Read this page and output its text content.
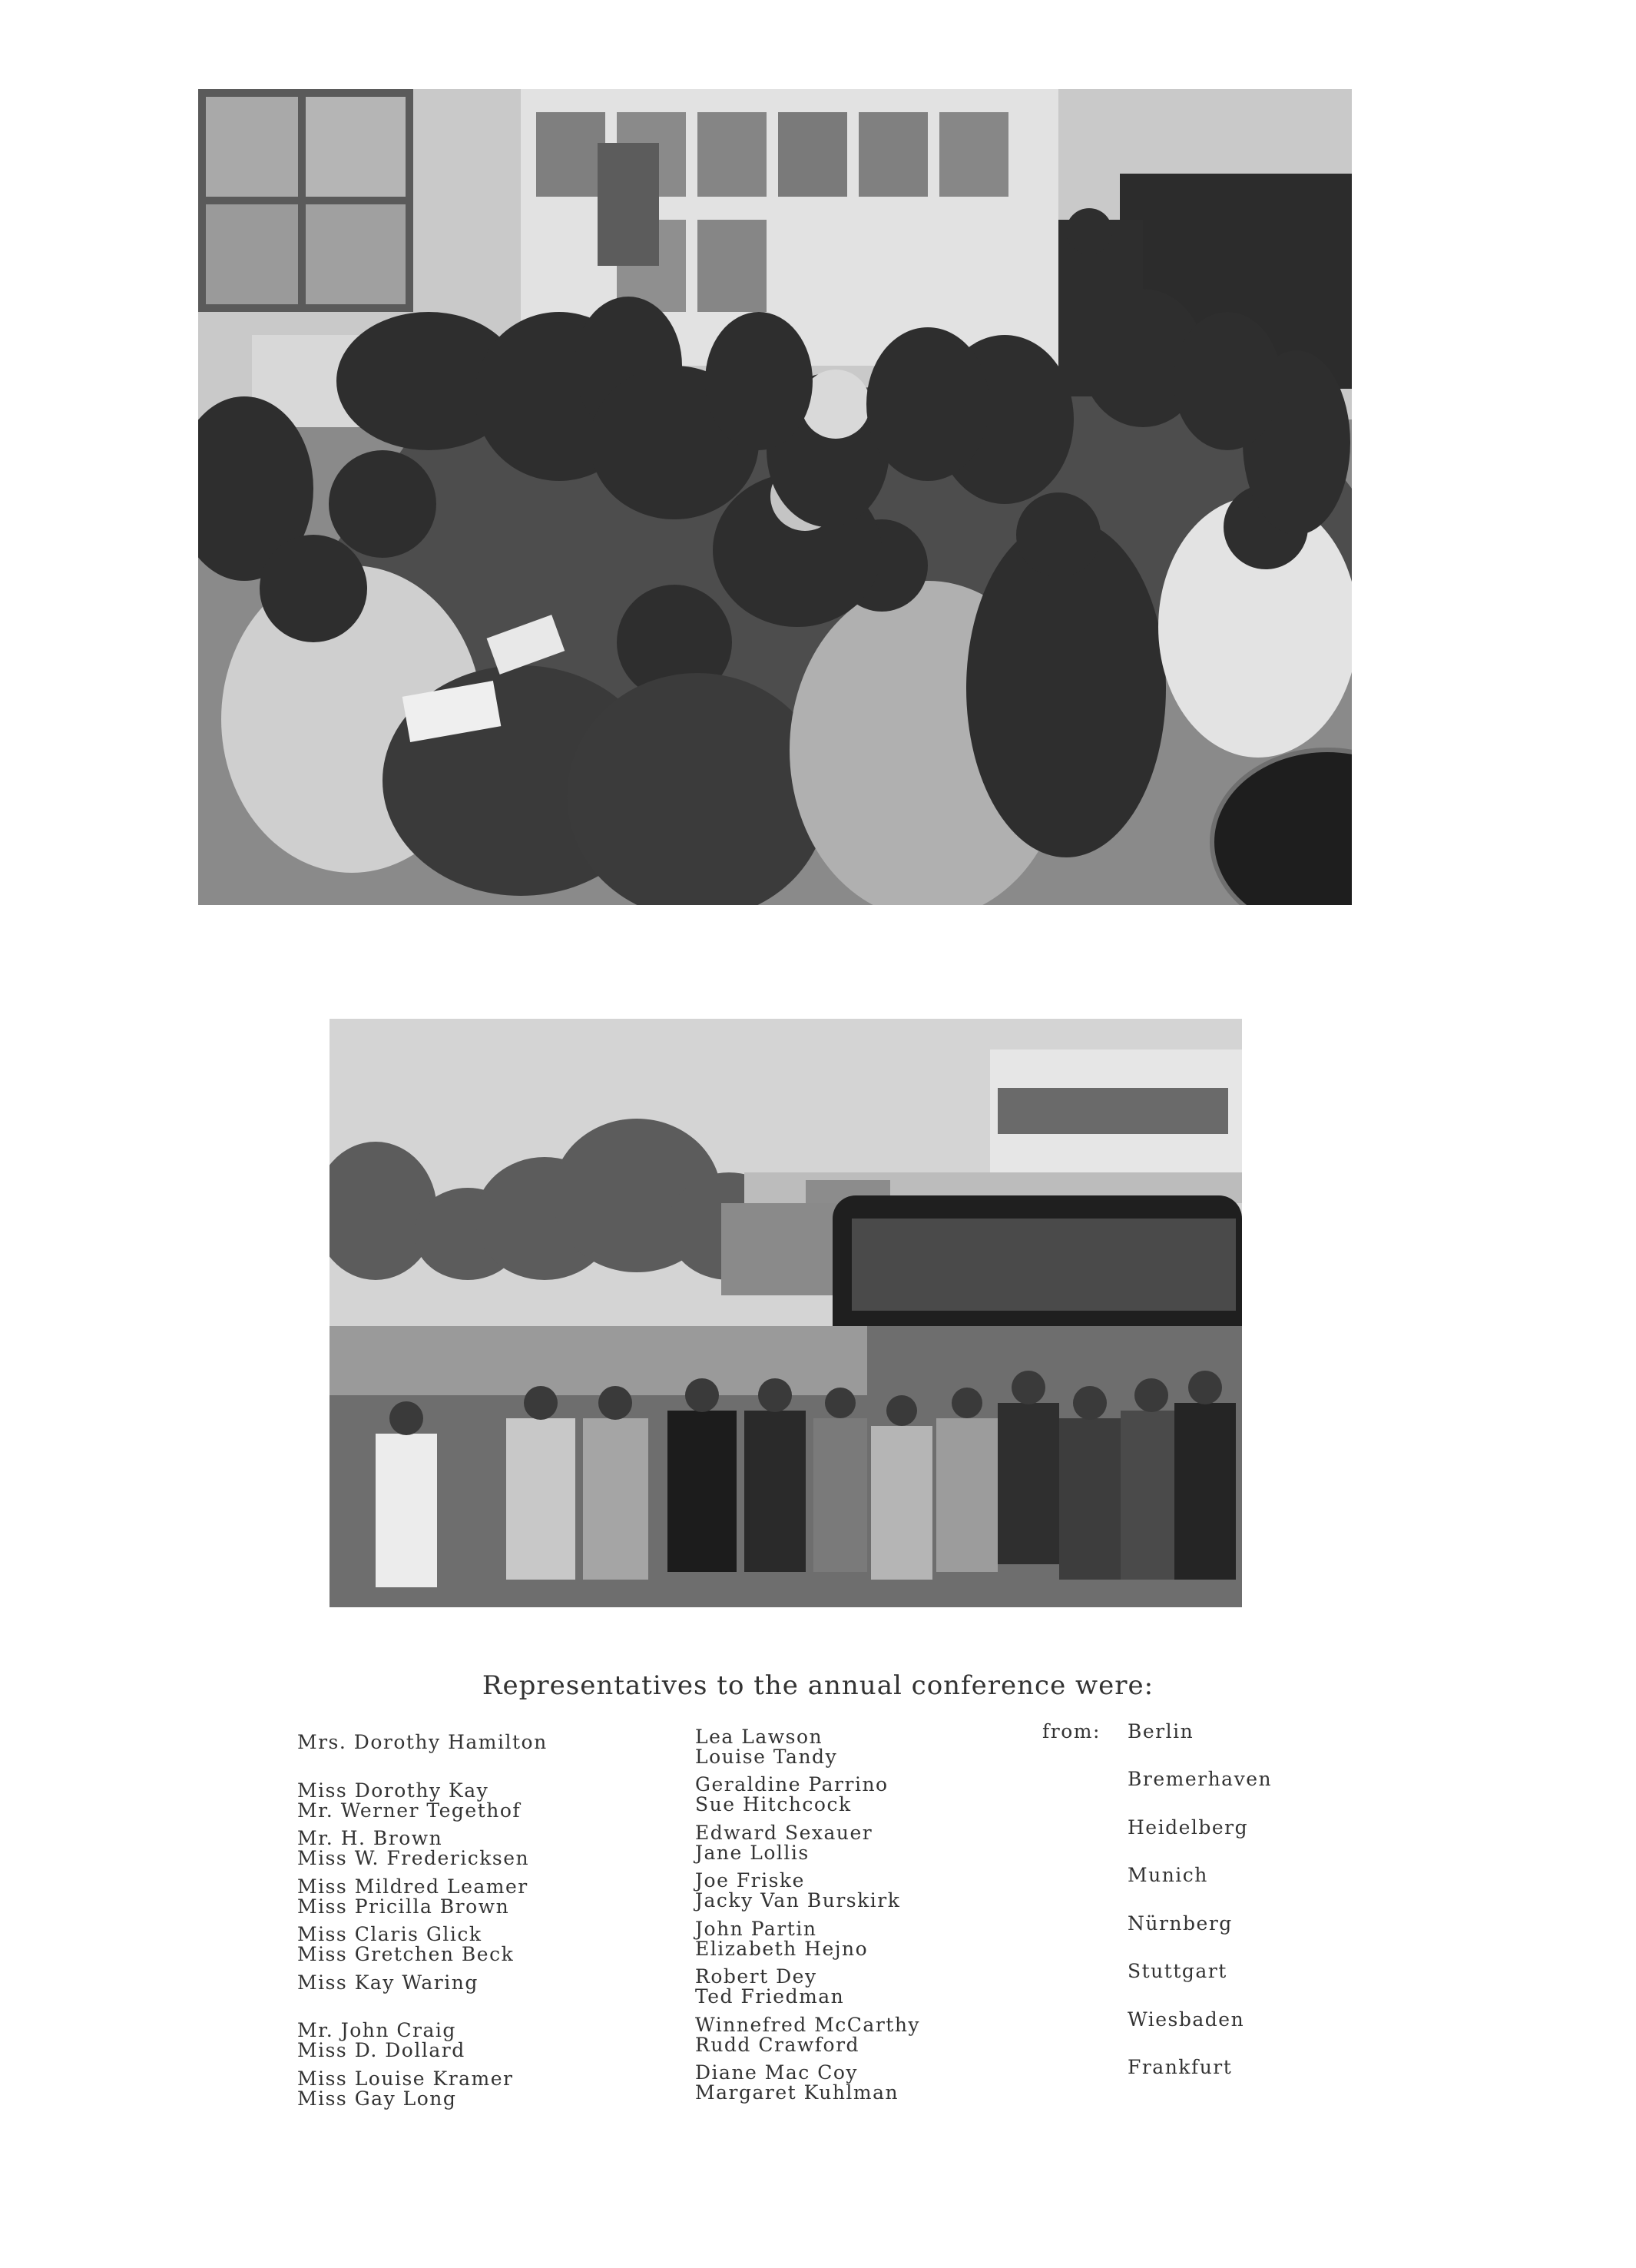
Representatives to the annual conference were:
Mrs. Dorothy Hamilton
Miss Dorothy Kay
Mr. Werner Tegethof
Mr. H. Brown
Miss W. Fredericksen
Miss Mildred Leamer
Miss Pricilla Brown
Miss Claris Glick
Miss Gretchen Beck
Miss Kay Waring
Mr. John Craig
Miss D. Dollard
Miss Louise Kramer
Miss Gay Long
Lea Lawson
Louise Tandy
Geraldine Parrino
Sue Hitchcock
Edward Sexauer
Jane Lollis
Joe Friske
Jacky Van Burskirk
John Partin
Elizabeth Hejno
Robert Dey
Ted Friedman
Winnefred McCarthy
Rudd Crawford
Diane Mac Coy
Margaret Kuhlman
from: Berlin
Bremerhaven
Heidelberg
Munich
Nürnberg
Stuttgart
Wiesbaden
Frankfurt
